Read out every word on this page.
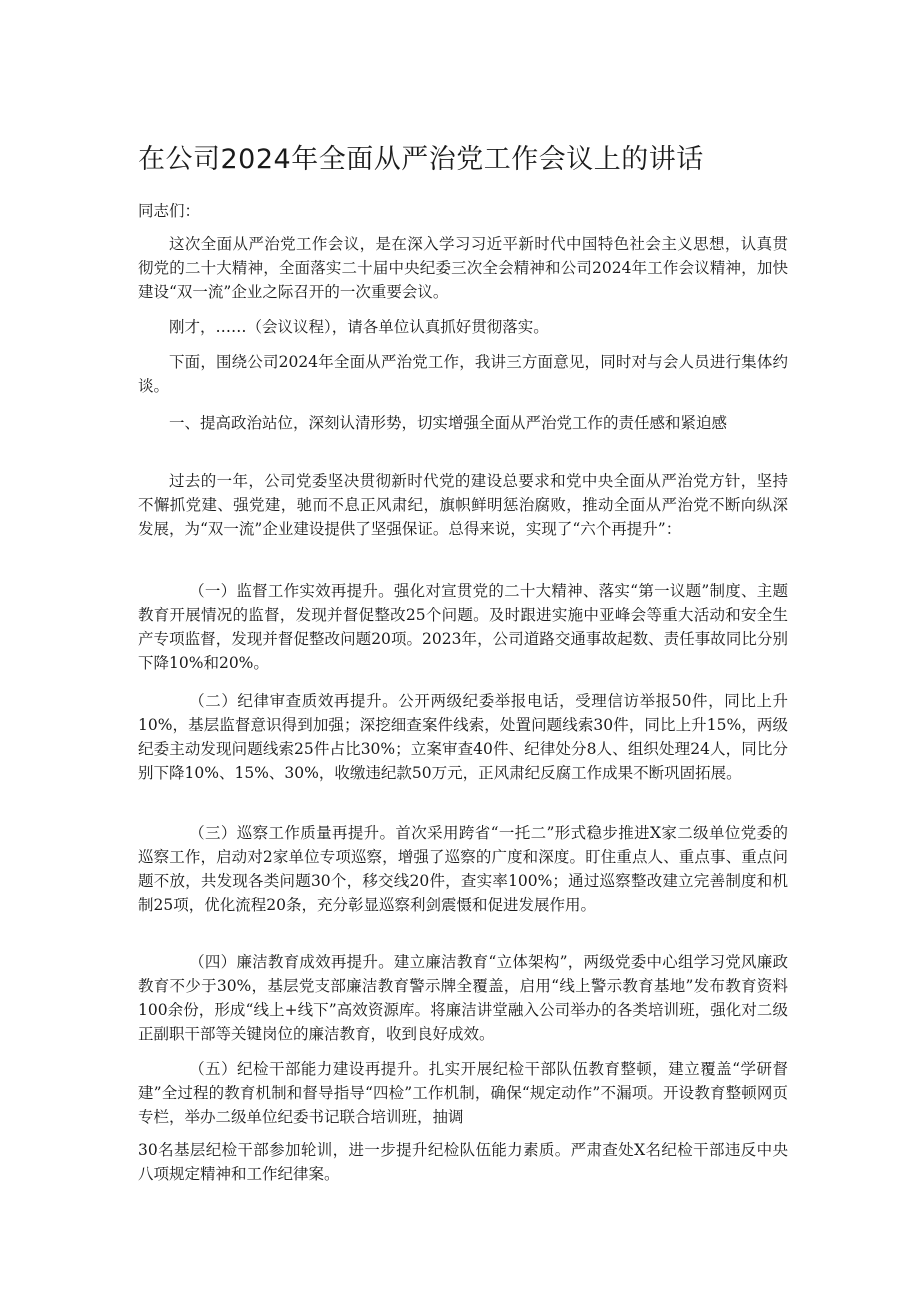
在公司2024年全面从严治党工作会议上的讲话

同志们：

这次全面从严治党工作会议，是在深入学习习近平新时代中国特色社会主义思想，认真贯彻党的二十大精神，全面落实二十届中央纪委三次全会精神和公司2024年工作会议精神，加快建设“双一流”企业之际召开的一次重要会议。

刚才，……（会议议程），请各单位认真抓好贯彻落实。

下面，围绕公司2024年全面从严治党工作，我讲三方面意见，同时对与会人员进行集体约谈。

一、提高政治站位，深刻认清形势，切实增强全面从严治党工作的责任感和紧迫感

过去的一年，公司党委坚决贯彻新时代党的建设总要求和党中央全面从严治党方针，坚持不懈抓党建、强党建，驰而不息正风肃纪，旗帜鲜明惩治腐败，推动全面从严治党不断向纵深发展，为“双一流”企业建设提供了坚强保证。总得来说，实现了“六个再提升”：

（一）监督工作实效再提升。强化对宣贯党的二十大精神、落实“第一议题”制度、主题教育开展情况的监督，发现并督促整改25个问题。及时跟进实施中亚峰会等重大活动和安全生产专项监督，发现并督促整改问题20项。2023年，公司道路交通事故起数、责任事故同比分别下降10%和20%。

（二）纪律审查质效再提升。公开两级纪委举报电话，受理信访举报50件，同比上升10%，基层监督意识得到加强；深挖细查案件线索，处置问题线索30件，同比上升15%，两级纪委主动发现问题线索25件占比30%；立案审查40件、纪律处分8人、组织处理24人，同比分别下降10%、15%、30%，收缴违纪款50万元，正风肃纪反腐工作成果不断巩固拓展。

（三）巡察工作质量再提升。首次采用跨省“一托二”形式稳步推进X家二级单位党委的巡察工作，启动对2家单位专项巡察，增强了巡察的广度和深度。盯住重点人、重点事、重点问题不放，共发现各类问题30个，移交线20件，查实率100%；通过巡察整改建立完善制度和机制25项，优化流程20条，充分彰显巡察利剑震慑和促进发展作用。

（四）廉洁教育成效再提升。建立廉洁教育“立体架构”，两级党委中心组学习党风廉政教育不少于30%，基层党支部廉洁教育警示牌全覆盖，启用“线上警示教育基地”发布教育资料100余份，形成“线上+线下”高效资源库。将廉洁讲堂融入公司举办的各类培训班，强化对二级正副职干部等关键岗位的廉洁教育，收到良好成效。

（五）纪检干部能力建设再提升。扎实开展纪检干部队伍教育整顿，建立覆盖“学研督建”全过程的教育机制和督导指导“四检”工作机制，确保“规定动作”不漏项。开设教育整顿网页专栏，举办二级单位纪委书记联合培训班，抽调

30名基层纪检干部参加轮训，进一步提升纪检队伍能力素质。严肃查处X名纪检干部违反中央八项规定精神和工作纪律案。
